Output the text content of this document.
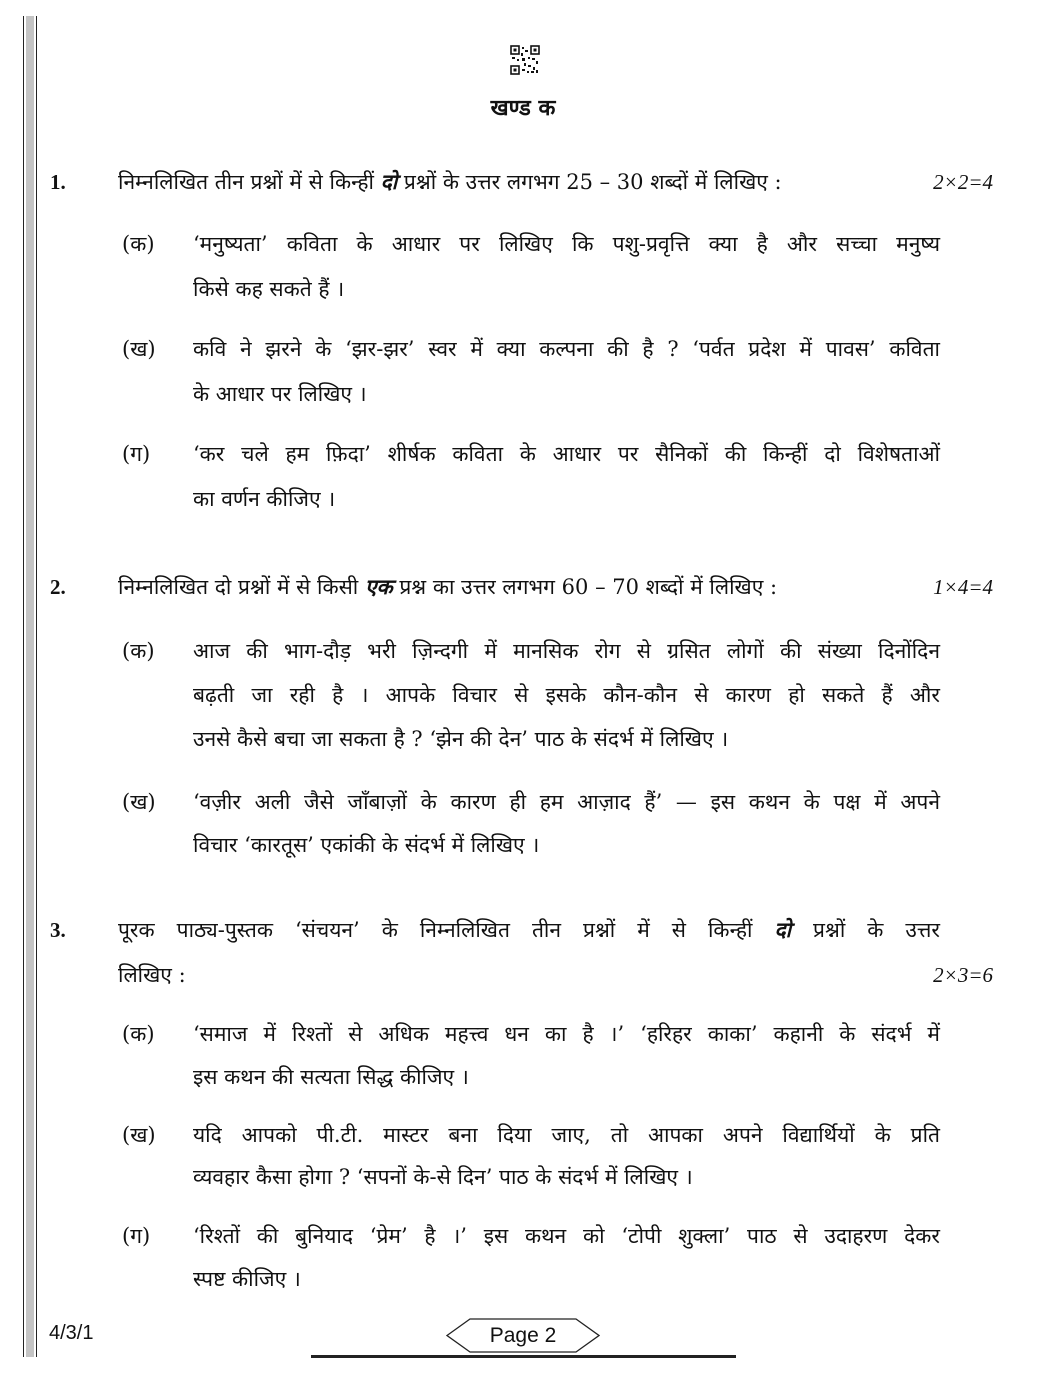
खण्ड क
1. निम्नलिखित तीन प्रश्नों में से किन्हीं दो प्रश्नों के उत्तर लगभग 25 – 30 शब्दों में लिखिए :	2×2=4
(क) ‘मनुष्यता’ कविता के आधार पर लिखिए कि पशु-प्रवृत्ति क्या है और सच्चा मनुष्य
किसे कह सकते हैं ।
(ख) कवि ने झरने के ‘झर-झर’ स्वर में क्या कल्पना की है ? ‘पर्वत प्रदेश में पावस’ कविता
के आधार पर लिखिए ।
(ग) ‘कर चले हम फ़िदा’ शीर्षक कविता के आधार पर सैनिकों की किन्हीं दो विशेषताओं
का वर्णन कीजिए ।
2. निम्नलिखित दो प्रश्नों में से किसी एक प्रश्न का उत्तर लगभग 60 – 70 शब्दों में लिखिए :	1×4=4
(क) आज की भाग-दौड़ भरी ज़िन्दगी में मानसिक रोग से ग्रसित लोगों की संख्या दिनोंदिन
बढ़ती जा रही है । आपके विचार से इसके कौन-कौन से कारण हो सकते हैं और
उनसे कैसे बचा जा सकता है ? ‘झेन की देन’ पाठ के संदर्भ में लिखिए ।
(ख) ‘वज़ीर अली जैसे जाँबाज़ों के कारण ही हम आज़ाद हैं’ — इस कथन के पक्ष में अपने
विचार ‘कारतूस’ एकांकी के संदर्भ में लिखिए ।
3. पूरक पाठ्य-पुस्तक ‘संचयन’ के निम्नलिखित तीन प्रश्नों में से किन्हीं दो प्रश्नों के उत्तर
लिखिए :	2×3=6
(क) ‘समाज में रिश्तों से अधिक महत्त्व धन का है ।’ ‘हरिहर काका’ कहानी के संदर्भ में
इस कथन की सत्यता सिद्ध कीजिए ।
(ख) यदि आपको पी.टी. मास्टर बना दिया जाए, तो आपका अपने विद्यार्थियों के प्रति
व्यवहार कैसा होगा ? ‘सपनों के-से दिन’ पाठ के संदर्भ में लिखिए ।
(ग) ‘रिश्तों की बुनियाद ‘प्रेम’ है ।’ इस कथन को ‘टोपी शुक्ला’ पाठ से उदाहरण देकर
स्पष्ट कीजिए ।
4/3/1	Page 2
